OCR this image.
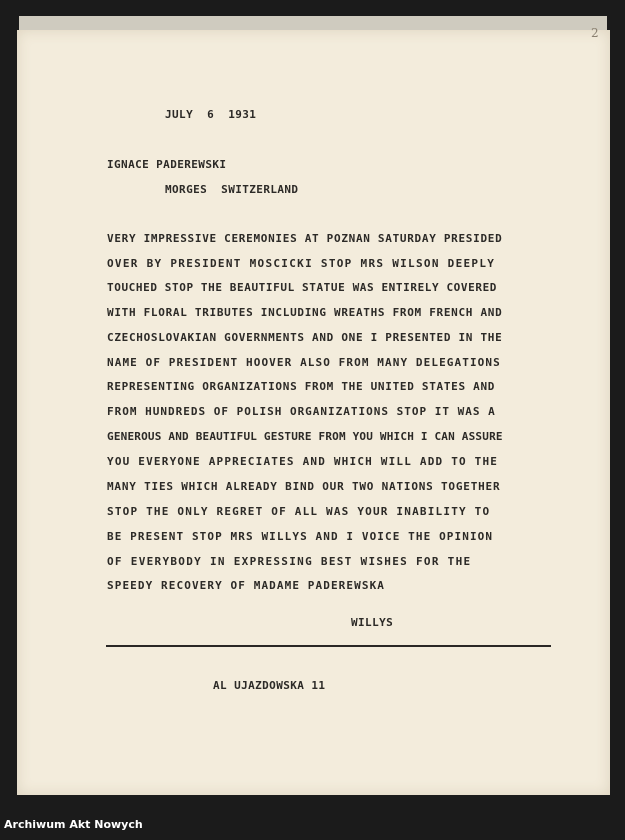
2

JULY  6  1931

IGNACE PADEREWSKI

MORGES  SWITZERLAND

VERY IMPRESSIVE CEREMONIES AT POZNAN SATURDAY PRESIDED

OVER BY PRESIDENT MOSCICKI STOP MRS WILSON DEEPLY

TOUCHED STOP THE BEAUTIFUL STATUE WAS ENTIRELY COVERED

WITH FLORAL TRIBUTES INCLUDING WREATHS FROM FRENCH AND

CZECHOSLOVAKIAN GOVERNMENTS AND ONE I PRESENTED IN THE

NAME OF PRESIDENT HOOVER ALSO FROM MANY DELEGATIONS

REPRESENTING ORGANIZATIONS FROM THE UNITED STATES AND

FROM HUNDREDS OF POLISH ORGANIZATIONS STOP IT WAS A

GENEROUS AND BEAUTIFUL GESTURE FROM YOU WHICH I CAN ASSURE

YOU EVERYONE APPRECIATES AND WHICH WILL ADD TO THE

MANY TIES WHICH ALREADY BIND OUR TWO NATIONS TOGETHER

STOP THE ONLY REGRET OF ALL WAS YOUR INABILITY TO

BE PRESENT STOP MRS WILLYS AND I VOICE THE OPINION

OF EVERYBODY IN EXPRESSING BEST WISHES FOR THE

SPEEDY RECOVERY OF MADAME PADEREWSKA

WILLYS

AL UJAZDOWSKA 11

Archiwum Akt Nowych
